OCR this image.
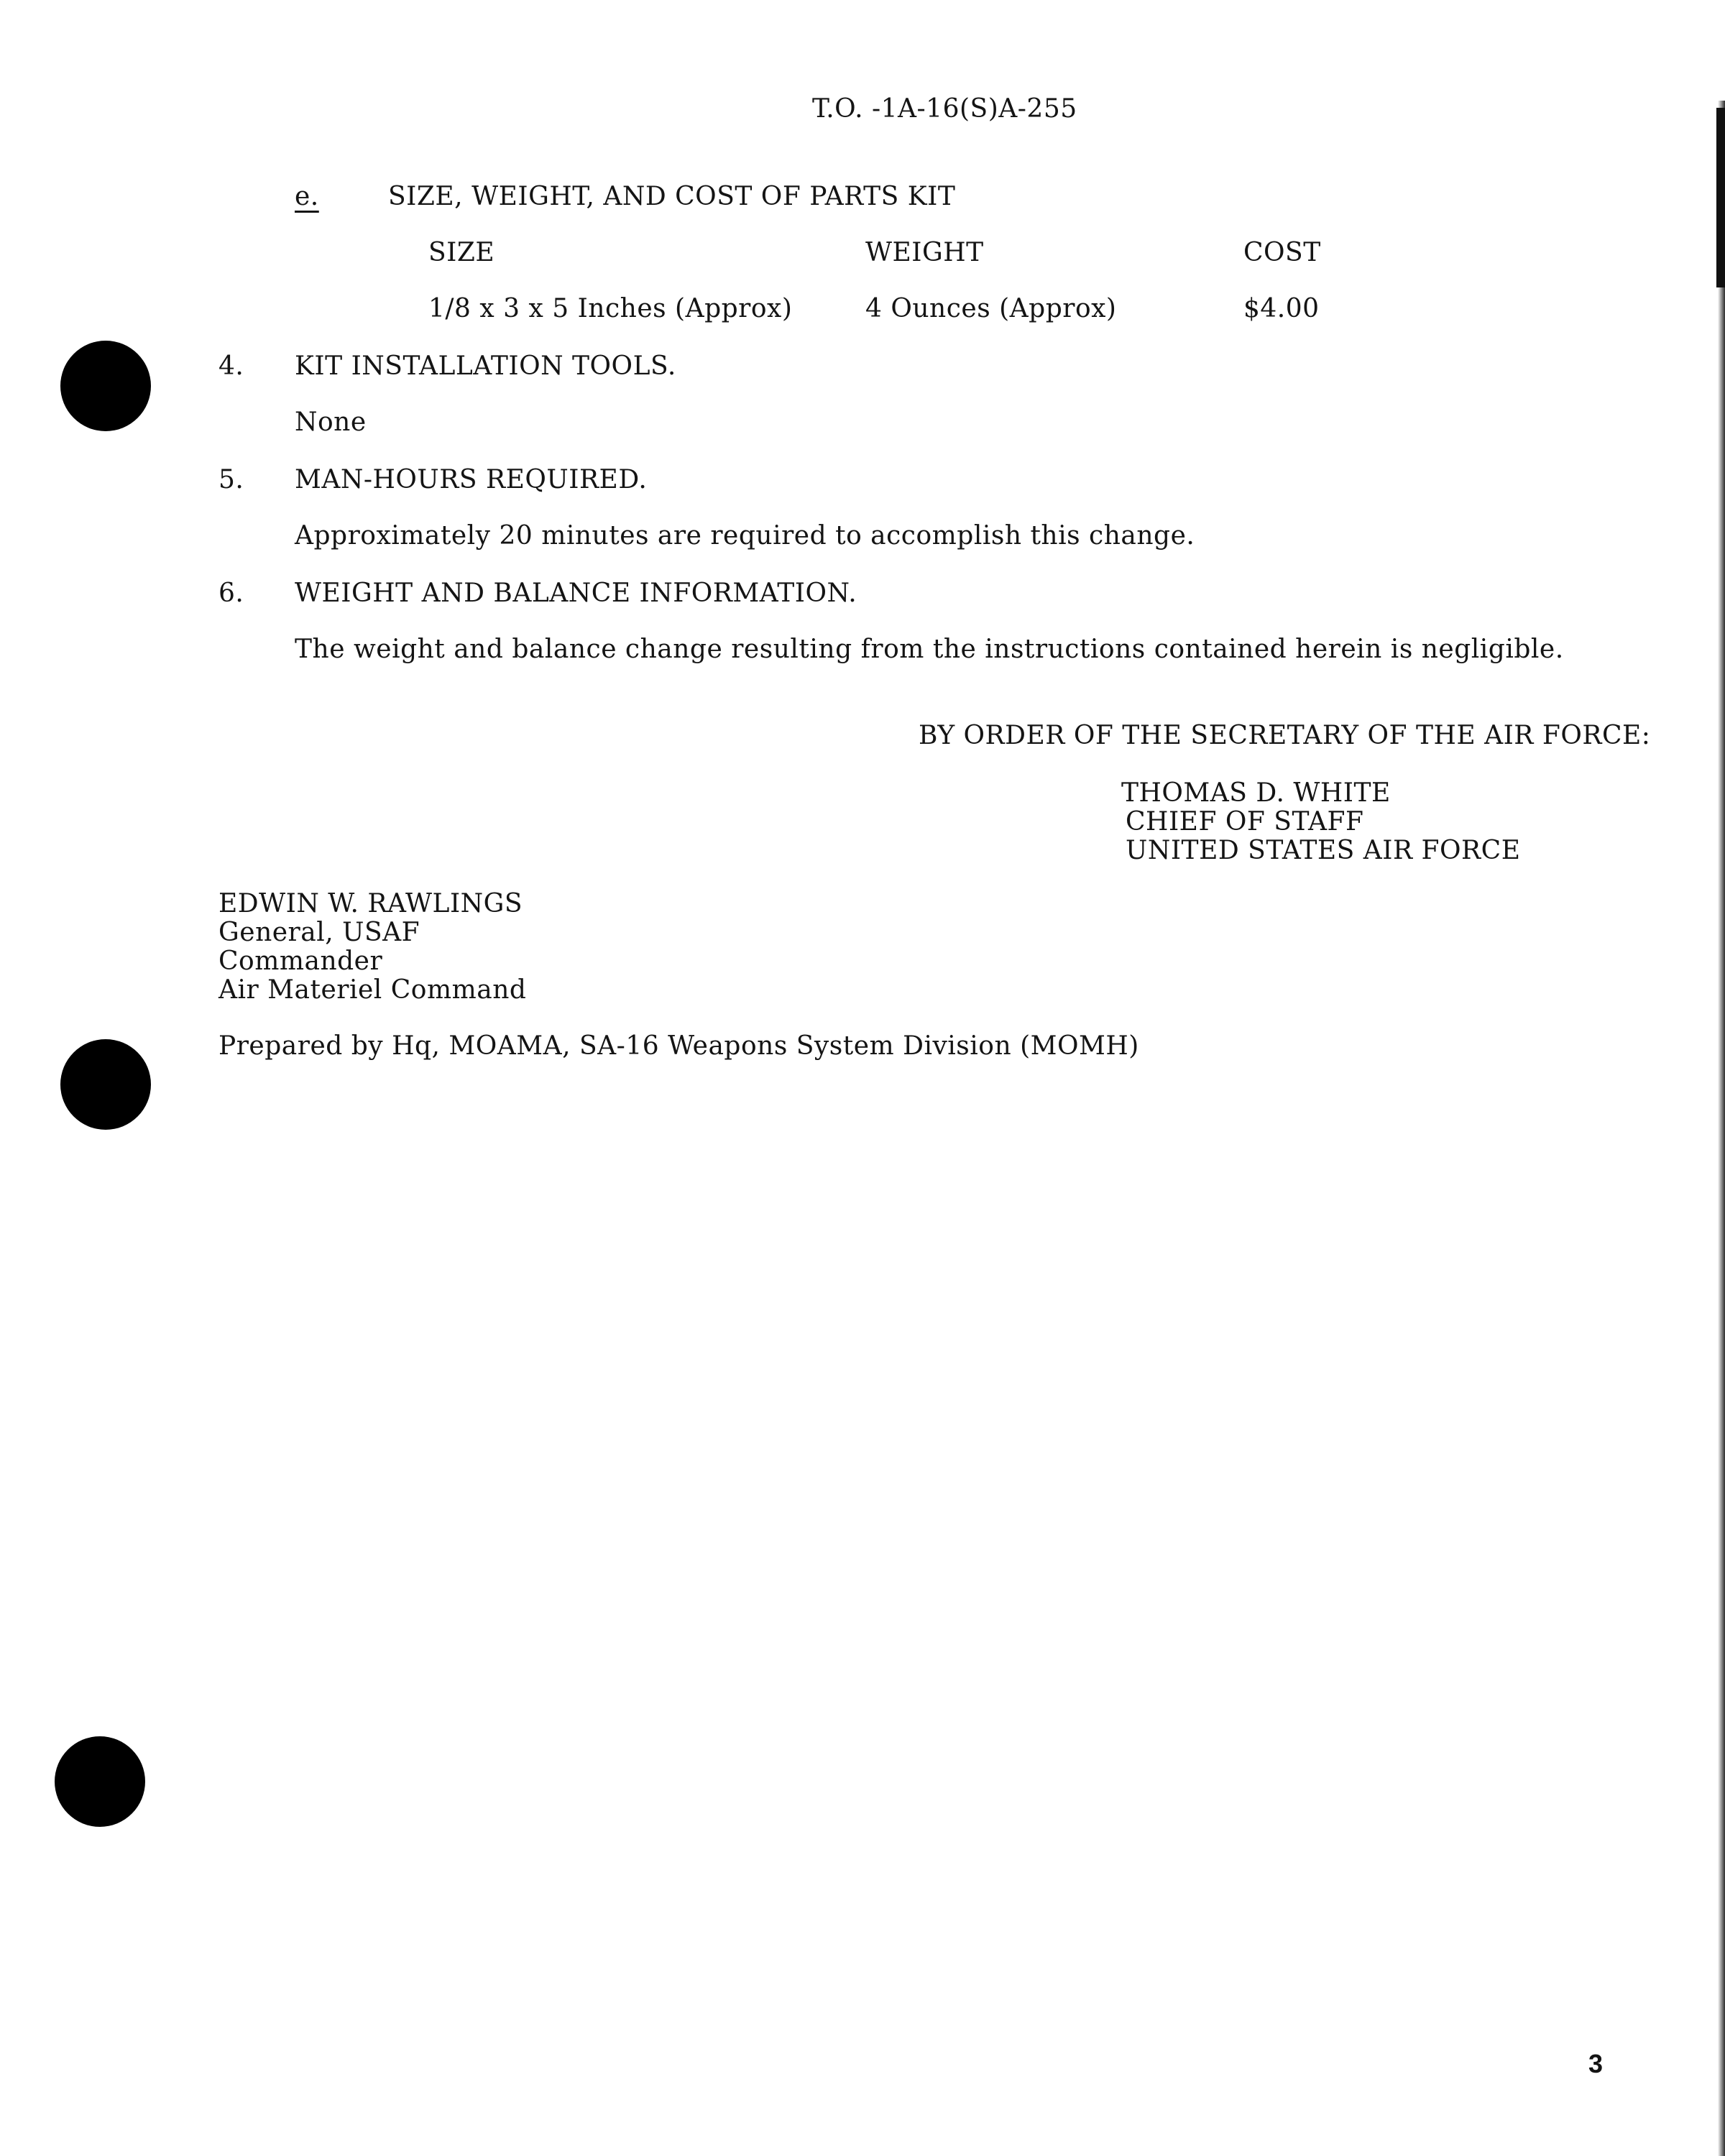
T.O. -1A-16(S)A-255
e.	SIZE, WEIGHT, AND COST OF PARTS KIT
SIZE	WEIGHT	COST
1/8 x 3 x 5 Inches (Approx)	4 Ounces (Approx)	$4.00
4. KIT INSTALLATION TOOLS.
None
5. MAN-HOURS REQUIRED.
Approximately 20 minutes are required to accomplish this change.
6. WEIGHT AND BALANCE INFORMATION.
The weight and balance change resulting from the instructions contained herein is negligible.
BY ORDER OF THE SECRETARY OF THE AIR FORCE:
THOMAS D. WHITE
CHIEF OF STAFF
UNITED STATES AIR FORCE
EDWIN W. RAWLINGS
General, USAF
Commander
Air Materiel Command
Prepared by Hq, MOAMA, SA-16 Weapons System Division (MOMH)
3
